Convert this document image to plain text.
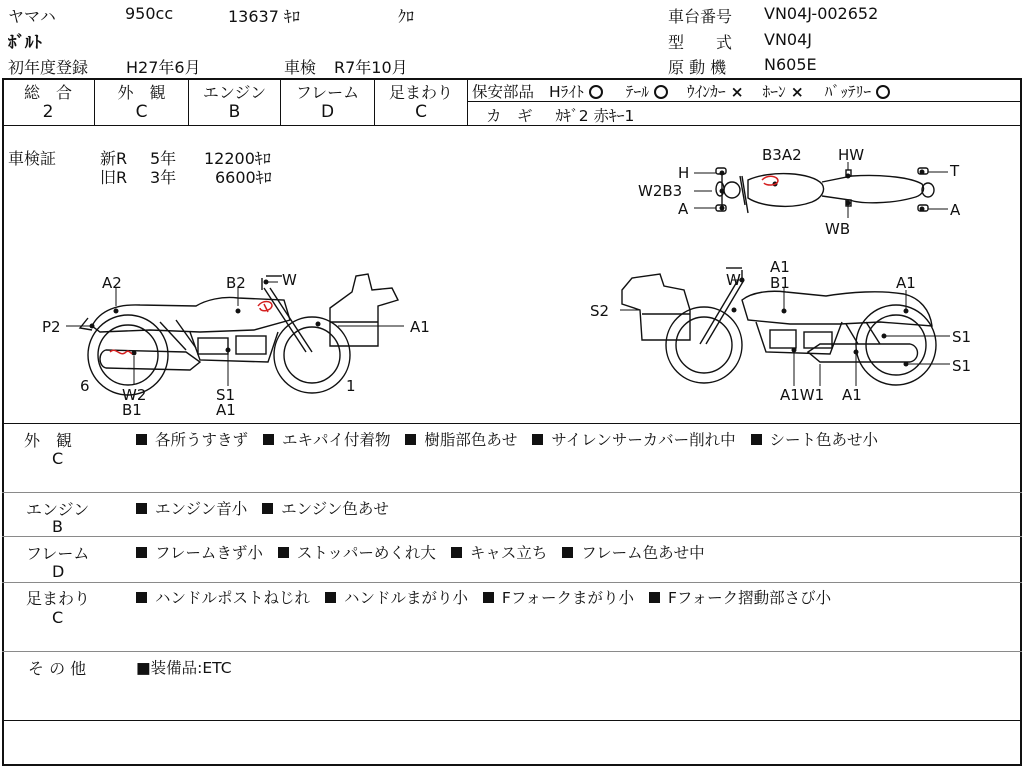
ヤマハ	950cc	13637 ｷﾛ	ｸﾛ
ﾎﾞﾙﾄ
初年度登録 H27年6月	車検 R7年10月
車台番号 VN04J-002652
型　　式 VN04J
原 動 機 N605E
総　合
2
外　観
C
エンジン
B
フレーム
D
足まわり
C
保安部品 Hﾗｲﾄ	ﾃｰﾙ ｳｲﾝｶｰ × ﾎｰﾝ × ﾊﾞｯﾃﾘｰ
カ　ギ ｶｷﾞ2 赤ｷｰ1
車検証	新R 5年 12200ｷﾛ
旧R 3年 6600ｷﾛ
B3A2 HW
H	T
W2B3
A	A
WB
A2	B2 W
P2	A1
6 W2
B1
S1
A1
1
A1
W B1	A1
S2
S1
S1
A1W1 A1
外　観
C
各所うすきず エキパイ付着物 樹脂部色あせ サイレンサーカバー削れ中 シート色あせ小
エンジン
B
エンジン音小 エンジン色あせ
フレーム
D
フレームきず小 ストッパーめくれ大 キャス立ち フレーム色あせ中
足まわり
C
ハンドルポストねじれ ハンドルまがり小 Fフォークまがり小 Fフォーク摺動部さび小
そ の 他	■装備品:ETC
